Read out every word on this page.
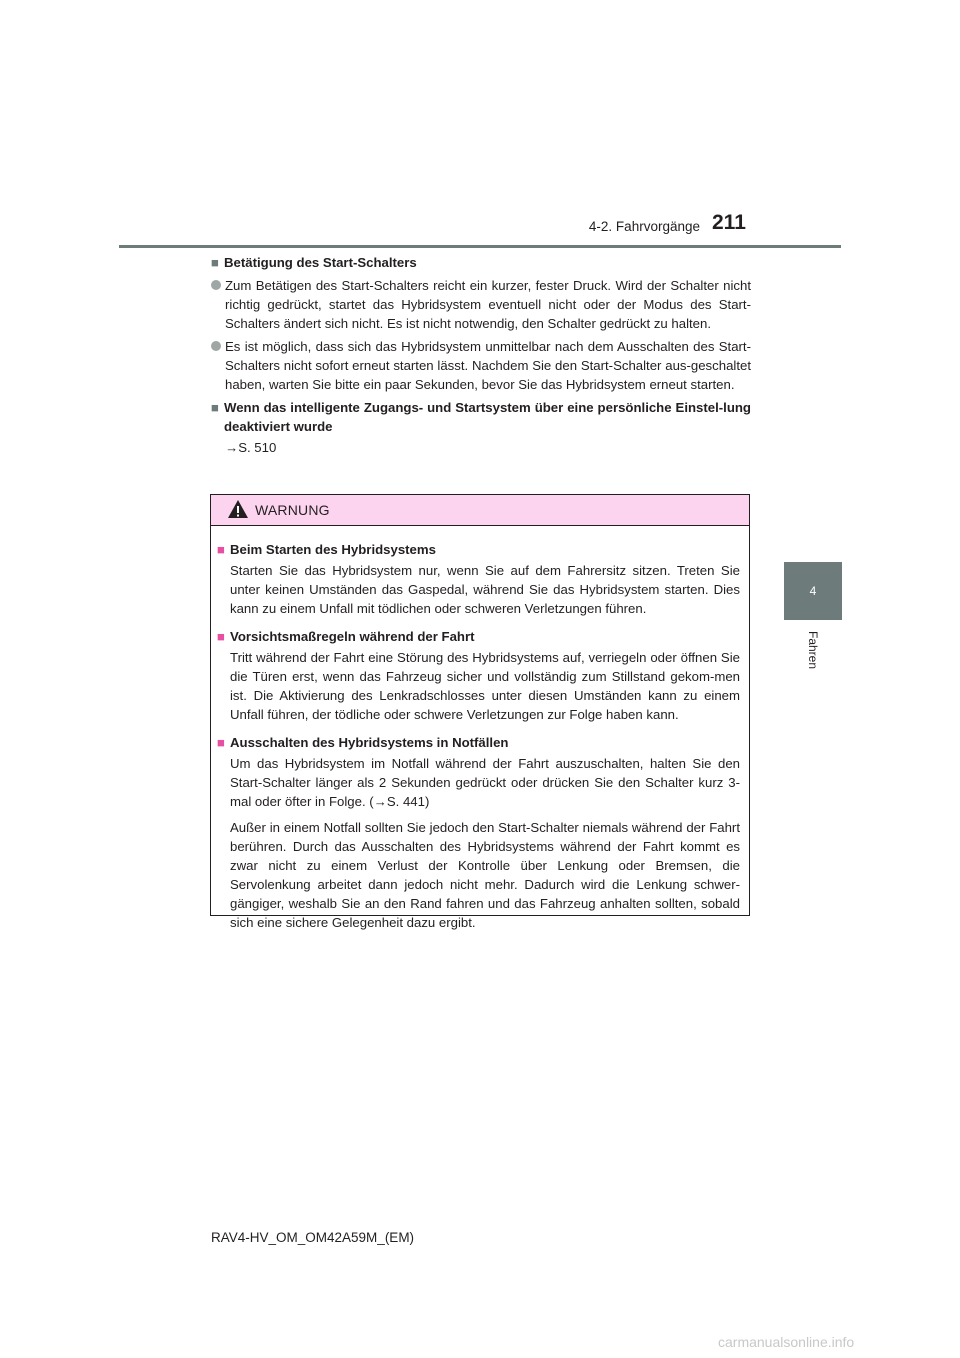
4-2. Fahrvorgänge 211
4
Fahren
■ Betätigung des Start-Schalters
Zum Betätigen des Start-Schalters reicht ein kurzer, fester Druck. Wird der Schalter nicht richtig gedrückt, startet das Hybridsystem eventuell nicht oder der Modus des Start-Schalters ändert sich nicht. Es ist nicht notwendig, den Schalter gedrückt zu halten.
Es ist möglich, dass sich das Hybridsystem unmittelbar nach dem Ausschalten des Start-Schalters nicht sofort erneut starten lässt. Nachdem Sie den Start-Schalter aus-geschaltet haben, warten Sie bitte ein paar Sekunden, bevor Sie das Hybridsystem erneut starten.
■ Wenn das intelligente Zugangs- und Startsystem über eine persönliche Einstel-lung deaktiviert wurde
→S. 510
WARNUNG
■ Beim Starten des Hybridsystems
Starten Sie das Hybridsystem nur, wenn Sie auf dem Fahrersitz sitzen. Treten Sie unter keinen Umständen das Gaspedal, während Sie das Hybridsystem starten. Dies kann zu einem Unfall mit tödlichen oder schweren Verletzungen führen.
■ Vorsichtsmaßregeln während der Fahrt
Tritt während der Fahrt eine Störung des Hybridsystems auf, verriegeln oder öffnen Sie die Türen erst, wenn das Fahrzeug sicher und vollständig zum Stillstand gekom-men ist. Die Aktivierung des Lenkradschlosses unter diesen Umständen kann zu einem Unfall führen, der tödliche oder schwere Verletzungen zur Folge haben kann.
■ Ausschalten des Hybridsystems in Notfällen
Um das Hybridsystem im Notfall während der Fahrt auszuschalten, halten Sie den Start-Schalter länger als 2 Sekunden gedrückt oder drücken Sie den Schalter kurz 3-mal oder öfter in Folge. (→S. 441)
Außer in einem Notfall sollten Sie jedoch den Start-Schalter niemals während der Fahrt berühren. Durch das Ausschalten des Hybridsystems während der Fahrt kommt es zwar nicht zu einem Verlust der Kontrolle über Lenkung oder Bremsen, die Servolenkung arbeitet dann jedoch nicht mehr. Dadurch wird die Lenkung schwer-gängiger, weshalb Sie an den Rand fahren und das Fahrzeug anhalten sollten, sobald sich eine sichere Gelegenheit dazu ergibt.
RAV4-HV_OM_OM42A59M_(EM)
carmanualsonline.info
